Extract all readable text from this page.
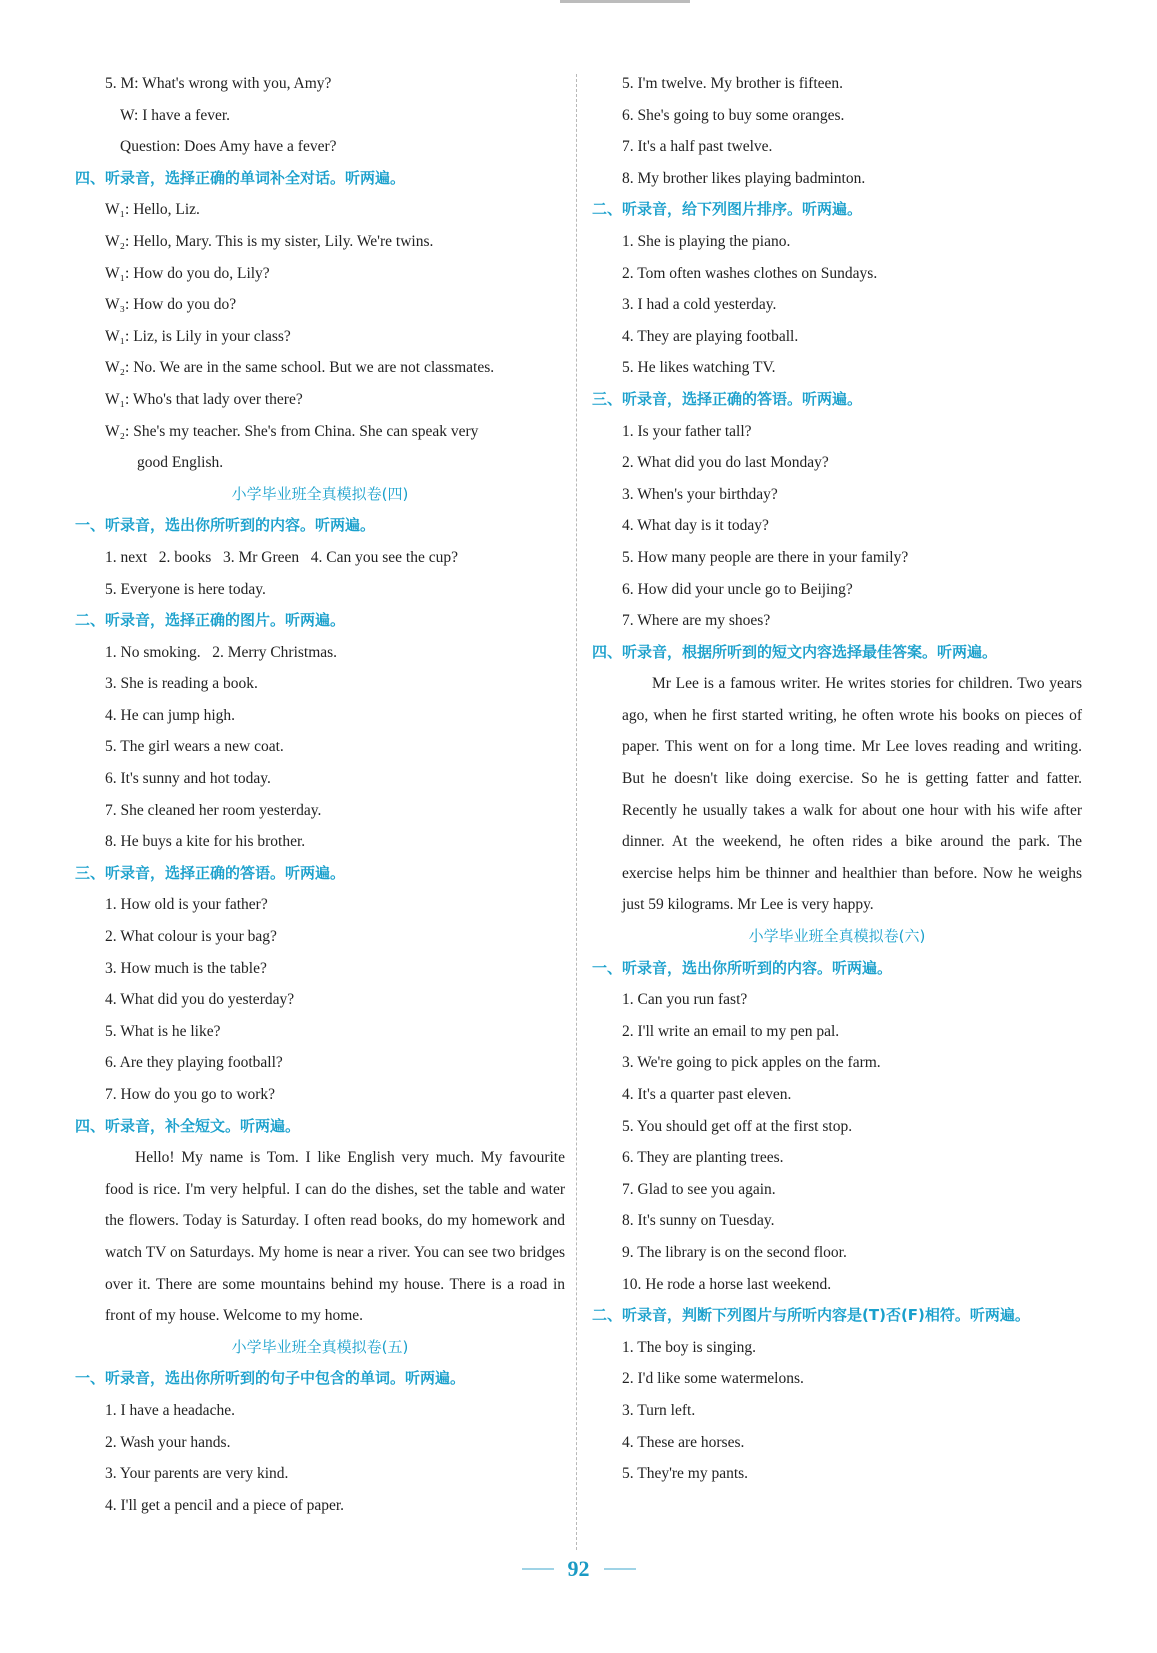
5. M: What's wrong with you, Amy?
W: I have a fever.
Question: Does Amy have a fever?
四、听录音，选择正确的单词补全对话。听两遍。
W₁: Hello, Liz.
W₂: Hello, Mary. This is my sister, Lily. We're twins.
W₁: How do you do, Lily?
W₃: How do you do?
W₁: Liz, is Lily in your class?
W₂: No. We are in the same school. But we are not classmates.
W₁: Who's that lady over there?
W₂: She's my teacher. She's from China. She can speak very
good English.
小学毕业班全真模拟卷(四)
一、听录音，选出你所听到的内容。听两遍。
1. next   2. books   3. Mr Green   4. Can you see the cup?
5. Everyone is here today.
二、听录音，选择正确的图片。听两遍。
1. No smoking.   2. Merry Christmas.
3. She is reading a book.
4. He can jump high.
5. The girl wears a new coat.
6. It's sunny and hot today.
7. She cleaned her room yesterday.
8. He buys a kite for his brother.
三、听录音，选择正确的答语。听两遍。
1. How old is your father?
2. What colour is your bag?
3. How much is the table?
4. What did you do yesterday?
5. What is he like?
6. Are they playing football?
7. How do you go to work?
四、听录音，补全短文。听两遍。
Hello! My name is Tom. I like English very much. My favourite food is rice. I'm very helpful. I can do the dishes, set the table and water the flowers. Today is Saturday. I often read books, do my homework and watch TV on Saturdays. My home is near a river. You can see two bridges over it. There are some mountains behind my house. There is a road in front of my house. Welcome to my home.
小学毕业班全真模拟卷(五)
一、听录音，选出你所听到的句子中包含的单词。听两遍。
1. I have a headache.
2. Wash your hands.
3. Your parents are very kind.
4. I'll get a pencil and a piece of paper.
5. I'm twelve. My brother is fifteen.
6. She's going to buy some oranges.
7. It's a half past twelve.
8. My brother likes playing badminton.
二、听录音，给下列图片排序。听两遍。
1. She is playing the piano.
2. Tom often washes clothes on Sundays.
3. I had a cold yesterday.
4. They are playing football.
5. He likes watching TV.
三、听录音，选择正确的答语。听两遍。
1. Is your father tall?
2. What did you do last Monday?
3. When's your birthday?
4. What day is it today?
5. How many people are there in your family?
6. How did your uncle go to Beijing?
7. Where are my shoes?
四、听录音，根据所听到的短文内容选择最佳答案。听两遍。
Mr Lee is a famous writer. He writes stories for children. Two years ago, when he first started writing, he often wrote his books on pieces of paper. This went on for a long time. Mr Lee loves reading and writing. But he doesn't like doing exercise. So he is getting fatter and fatter. Recently he usually takes a walk for about one hour with his wife after dinner. At the weekend, he often rides a bike around the park. The exercise helps him be thinner and healthier than before. Now he weighs just 59 kilograms. Mr Lee is very happy.
小学毕业班全真模拟卷(六)
一、听录音，选出你所听到的内容。听两遍。
1. Can you run fast?
2. I'll write an email to my pen pal.
3. We're going to pick apples on the farm.
4. It's a quarter past eleven.
5. You should get off at the first stop.
6. They are planting trees.
7. Glad to see you again.
8. It's sunny on Tuesday.
9. The library is on the second floor.
10. He rode a horse last weekend.
二、听录音，判断下列图片与所听内容是(T)否(F)相符。听两遍。
1. The boy is singing.
2. I'd like some watermelons.
3. Turn left.
4. These are horses.
5. They're my pants.
92
